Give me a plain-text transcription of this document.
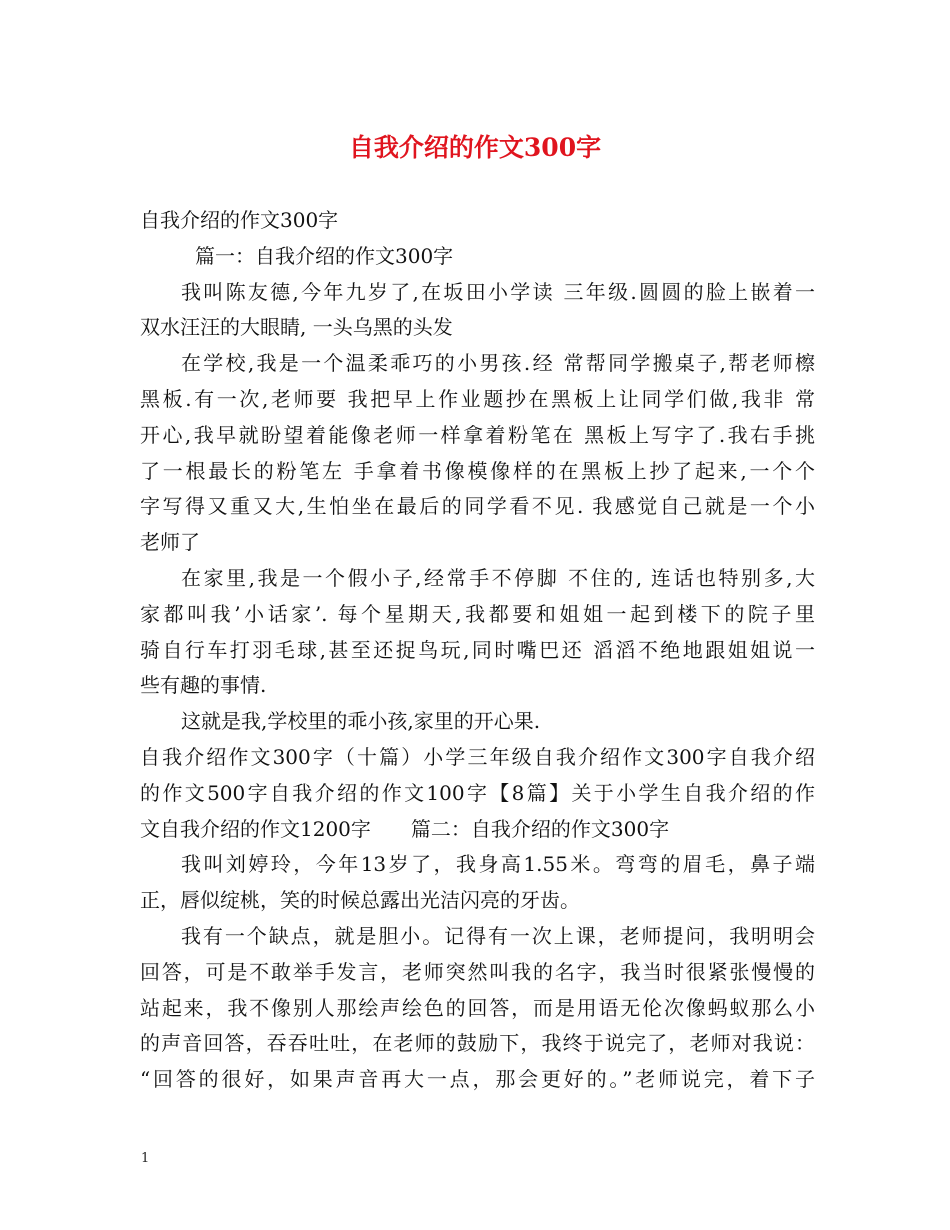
自我介绍的作文300字
自我介绍的作文300字
篇一：自我介绍的作文300字
我叫陈友德,今年九岁了,在坂田小学读 三年级.圆圆的脸上嵌着一
双水汪汪的大眼睛, 一头乌黑的头发
在学校,我是一个温柔乖巧的小男孩.经 常帮同学搬桌子,帮老师檫
黑板.有一次,老师要 我把早上作业题抄在黑板上让同学们做,我非 常
开心,我早就盼望着能像老师一样拿着粉笔在 黑板上写字了.我右手挑
了一根最长的粉笔左 手拿着书像模像样的在黑板上抄了起来,一个个
字写得又重又大,生怕坐在最后的同学看不见. 我感觉自己就是一个小
老师了
在家里,我是一个假小子,经常手不停脚 不住的, 连话也特别多,大
家都叫我’小话家’. 每个星期天,我都要和姐姐一起到楼下的院子里
骑自行车打羽毛球,甚至还捉鸟玩,同时嘴巴还 滔滔不绝地跟姐姐说一
些有趣的事情.
这就是我,学校里的乖小孩,家里的开心果.
自我介绍作文300字（十篇）小学三年级自我介绍作文300字自我介绍
的作文500字自我介绍的作文100字【8篇】关于小学生自我介绍的作
文自我介绍的作文1200字　　篇二：自我介绍的作文300字
我叫刘婷玲，今年13岁了，我身高1.55米。弯弯的眉毛，鼻子端
正，唇似绽桃，笑的时候总露出光洁闪亮的牙齿。
我有一个缺点，就是胆小。记得有一次上课，老师提问，我明明会
回答，可是不敢举手发言，老师突然叫我的名字，我当时很紧张慢慢的
站起来，我不像别人那绘声绘色的回答，而是用语无伦次像蚂蚁那么小
的声音回答，吞吞吐吐，在老师的鼓励下，我终于说完了，老师对我说：
“回答的很好，如果声音再大一点，那会更好的。”老师说完，着下子
1
